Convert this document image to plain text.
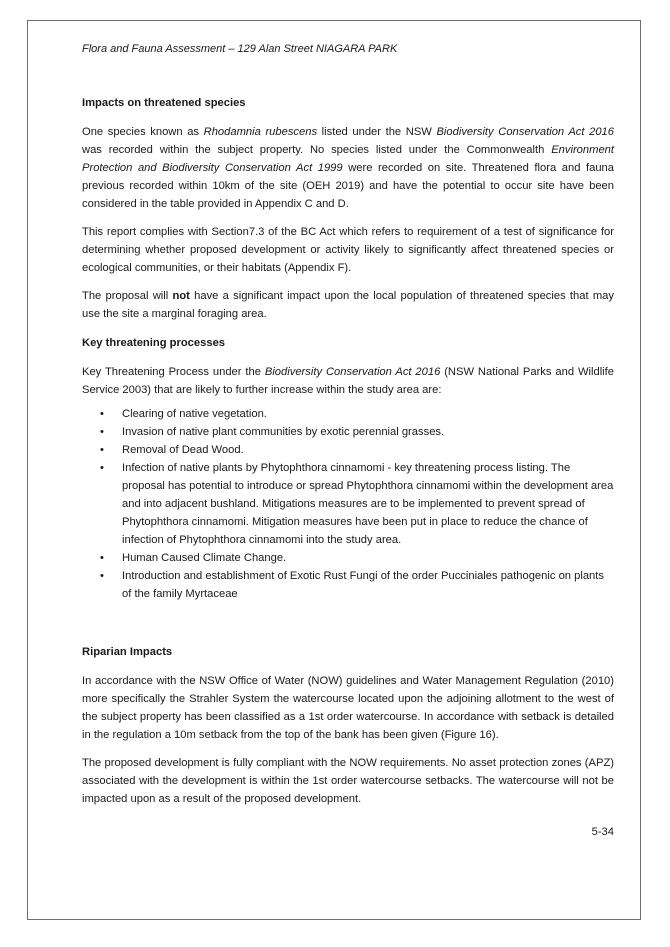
Flora and Fauna Assessment – 129 Alan Street NIAGARA PARK
Impacts on threatened species

One species known as Rhodamnia rubescens listed under the NSW Biodiversity Conservation Act 2016 was recorded within the subject property. No species listed under the Commonwealth Environment Protection and Biodiversity Conservation Act 1999 were recorded on site. Threatened flora and fauna previous recorded within 10km of the site (OEH 2019) and have the potential to occur site have been considered in the table provided in Appendix C and D.

This report complies with Section7.3 of the BC Act which refers to requirement of a test of significance for determining whether proposed development or activity likely to significantly affect threatened species or ecological communities, or their habitats (Appendix F).

The proposal will not have a significant impact upon the local population of threatened species that may use the site a marginal foraging area.

Key threatening processes

Key Threatening Process under the Biodiversity Conservation Act 2016 (NSW National Parks and Wildlife Service 2003) that are likely to further increase within the study area are:

• Clearing of native vegetation.
• Invasion of native plant communities by exotic perennial grasses.
• Removal of Dead Wood.
• Infection of native plants by Phytophthora cinnamomi - key threatening process listing. The proposal has potential to introduce or spread Phytophthora cinnamomi within the development area and into adjacent bushland. Mitigations measures are to be implemented to prevent spread of Phytophthora cinnamomi. Mitigation measures have been put in place to reduce the chance of infection of Phytophthora cinnamomi into the study area.
• Human Caused Climate Change.
• Introduction and establishment of Exotic Rust Fungi of the order Pucciniales pathogenic on plants of the family Myrtaceae
Riparian Impacts

In accordance with the NSW Office of Water (NOW) guidelines and Water Management Regulation (2010) more specifically the Strahler System the watercourse located upon the adjoining allotment to the west of the subject property has been classified as a 1st order watercourse. In accordance with setback is detailed in the regulation a 10m setback from the top of the bank has been given (Figure 16).

The proposed development is fully compliant with the NOW requirements. No asset protection zones (APZ) associated with the development is within the 1st order watercourse setbacks. The watercourse will not be impacted upon as a result of the proposed development.

5-34
